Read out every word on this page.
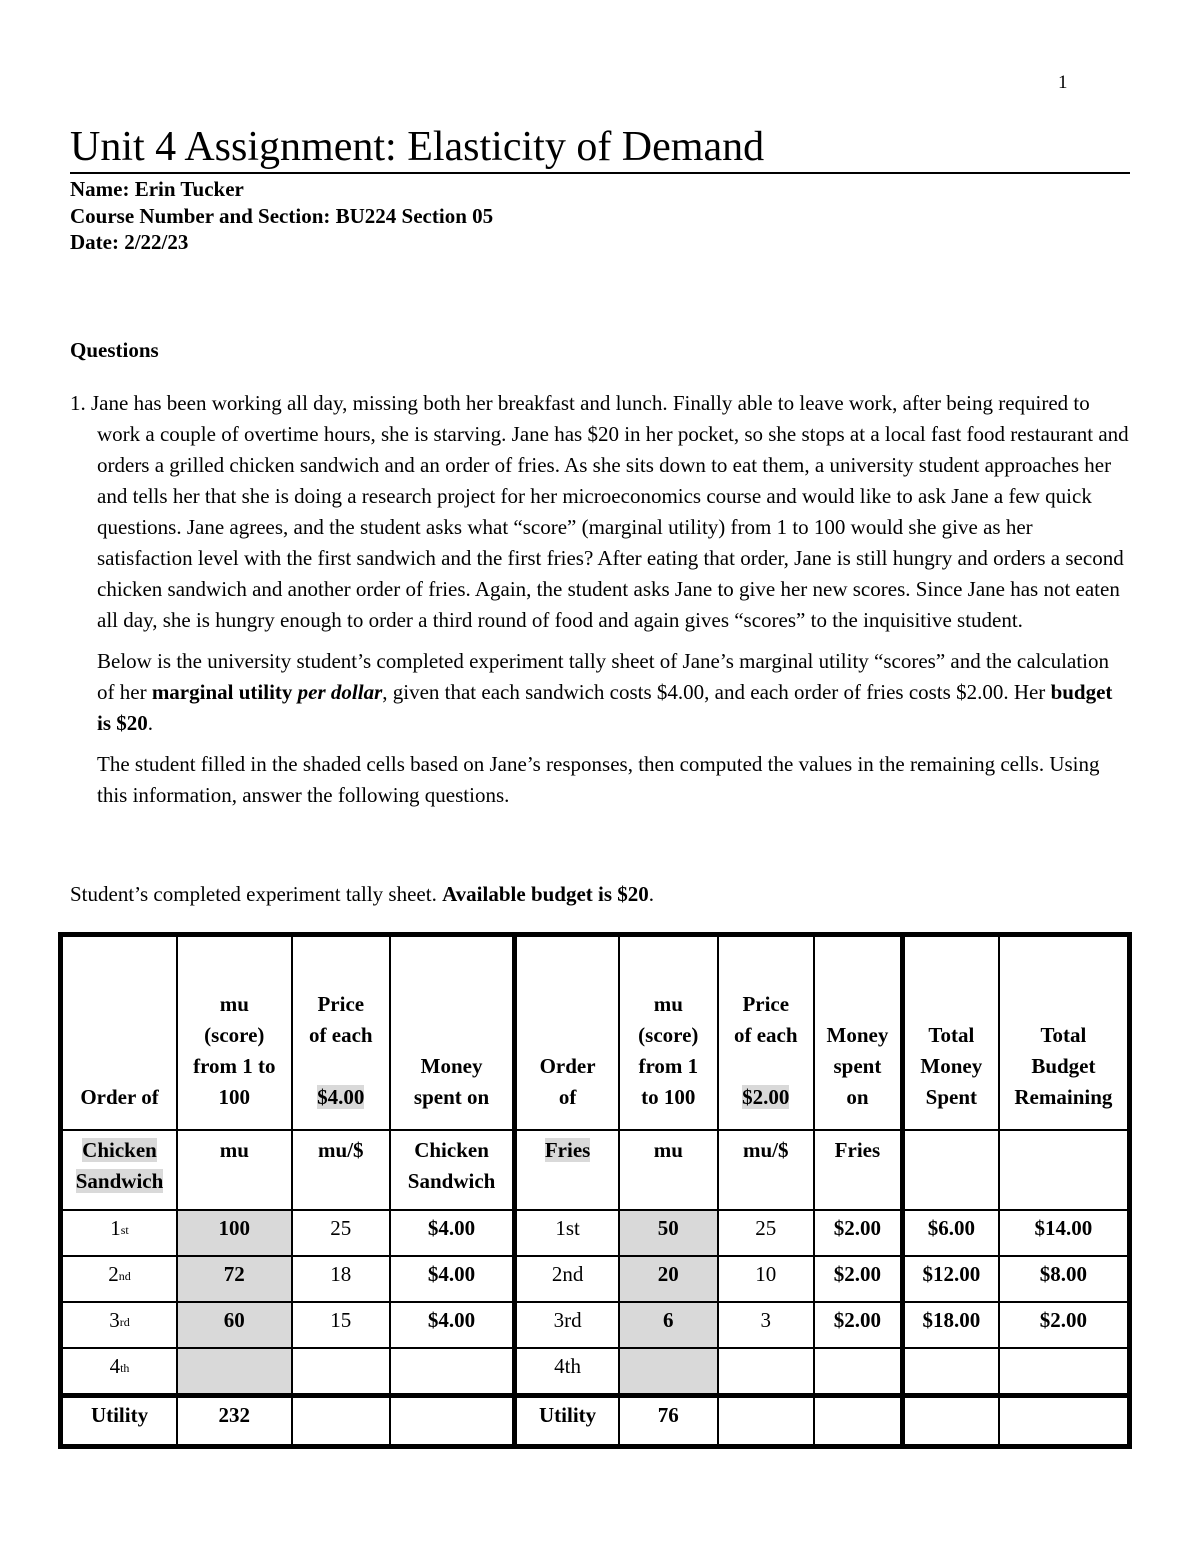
1
Unit 4 Assignment: Elasticity of Demand
Name: Erin Tucker
Course Number and Section: BU224 Section 05
Date: 2/22/23
Questions

1. Jane has been working all day, missing both her breakfast and lunch. Finally able to leave work, after being required to work a couple of overtime hours, she is starving. Jane has $20 in her pocket, so she stops at a local fast food restaurant and orders a grilled chicken sandwich and an order of fries. As she sits down to eat them, a university student approaches her and tells her that she is doing a research project for her microeconomics course and would like to ask Jane a few quick questions. Jane agrees, and the student asks what “score” (marginal utility) from 1 to 100 would she give as her satisfaction level with the first sandwich and the first fries? After eating that order, Jane is still hungry and orders a second chicken sandwich and another order of fries. Again, the student asks Jane to give her new scores. Since Jane has not eaten all day, she is hungry enough to order a third round of food and again gives “scores” to the inquisitive student.

Below is the university student’s completed experiment tally sheet of Jane’s marginal utility “scores” and the calculation of her marginal utility per dollar, given that each sandwich costs $4.00, and each order of fries costs $2.00. Her budget is $20.

The student filled in the shaded cells based on Jane’s responses, then computed the values in the remaining cells. Using this information, answer the following questions.

Student’s completed experiment tally sheet. Available budget is $20.
Order of	mu
(score)
from 1 to
100	Price
of each

$4.00	Money
spent on	Order
of	mu
(score)
from 1
to 100	Price
of each

$2.00	Money
spent
on	Total
Money
Spent	Total
Budget
Remaining
Chicken
Sandwich	mu	mu/$	Chicken
Sandwich	Fries	mu	mu/$	Fries		
1st	100	25	$4.00	1st	50	25	$2.00	$6.00	$14.00
2nd	72	18	$4.00	2nd	20	10	$2.00	$12.00	$8.00
3rd	60	15	$4.00	3rd	6	3	$2.00	$18.00	$2.00
4th				4th					
Utility	232			Utility	76				
